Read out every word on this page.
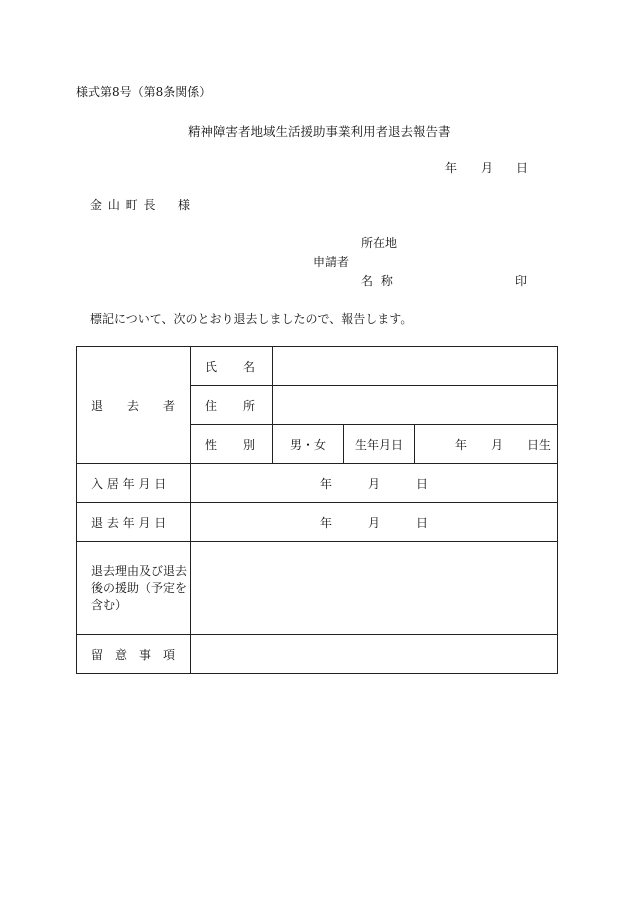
様式第8号（第8条関係）
精神障害者地域生活援助事業利用者退去報告書
年 月 日
金 山 町 長 様
所在地
申請者
名 称	印
標記について、次のとおり退去しましたので、報告します。
退 去 者	氏 名			
	住 所			
	性 別	男・女	生年月日	年 月 日生
入 居 年 月 日	年 月 日			
退 去 年 月 日	年 月 日			
退去理由及び退去後の援助（予定を含む）				

留 意 事 項				
